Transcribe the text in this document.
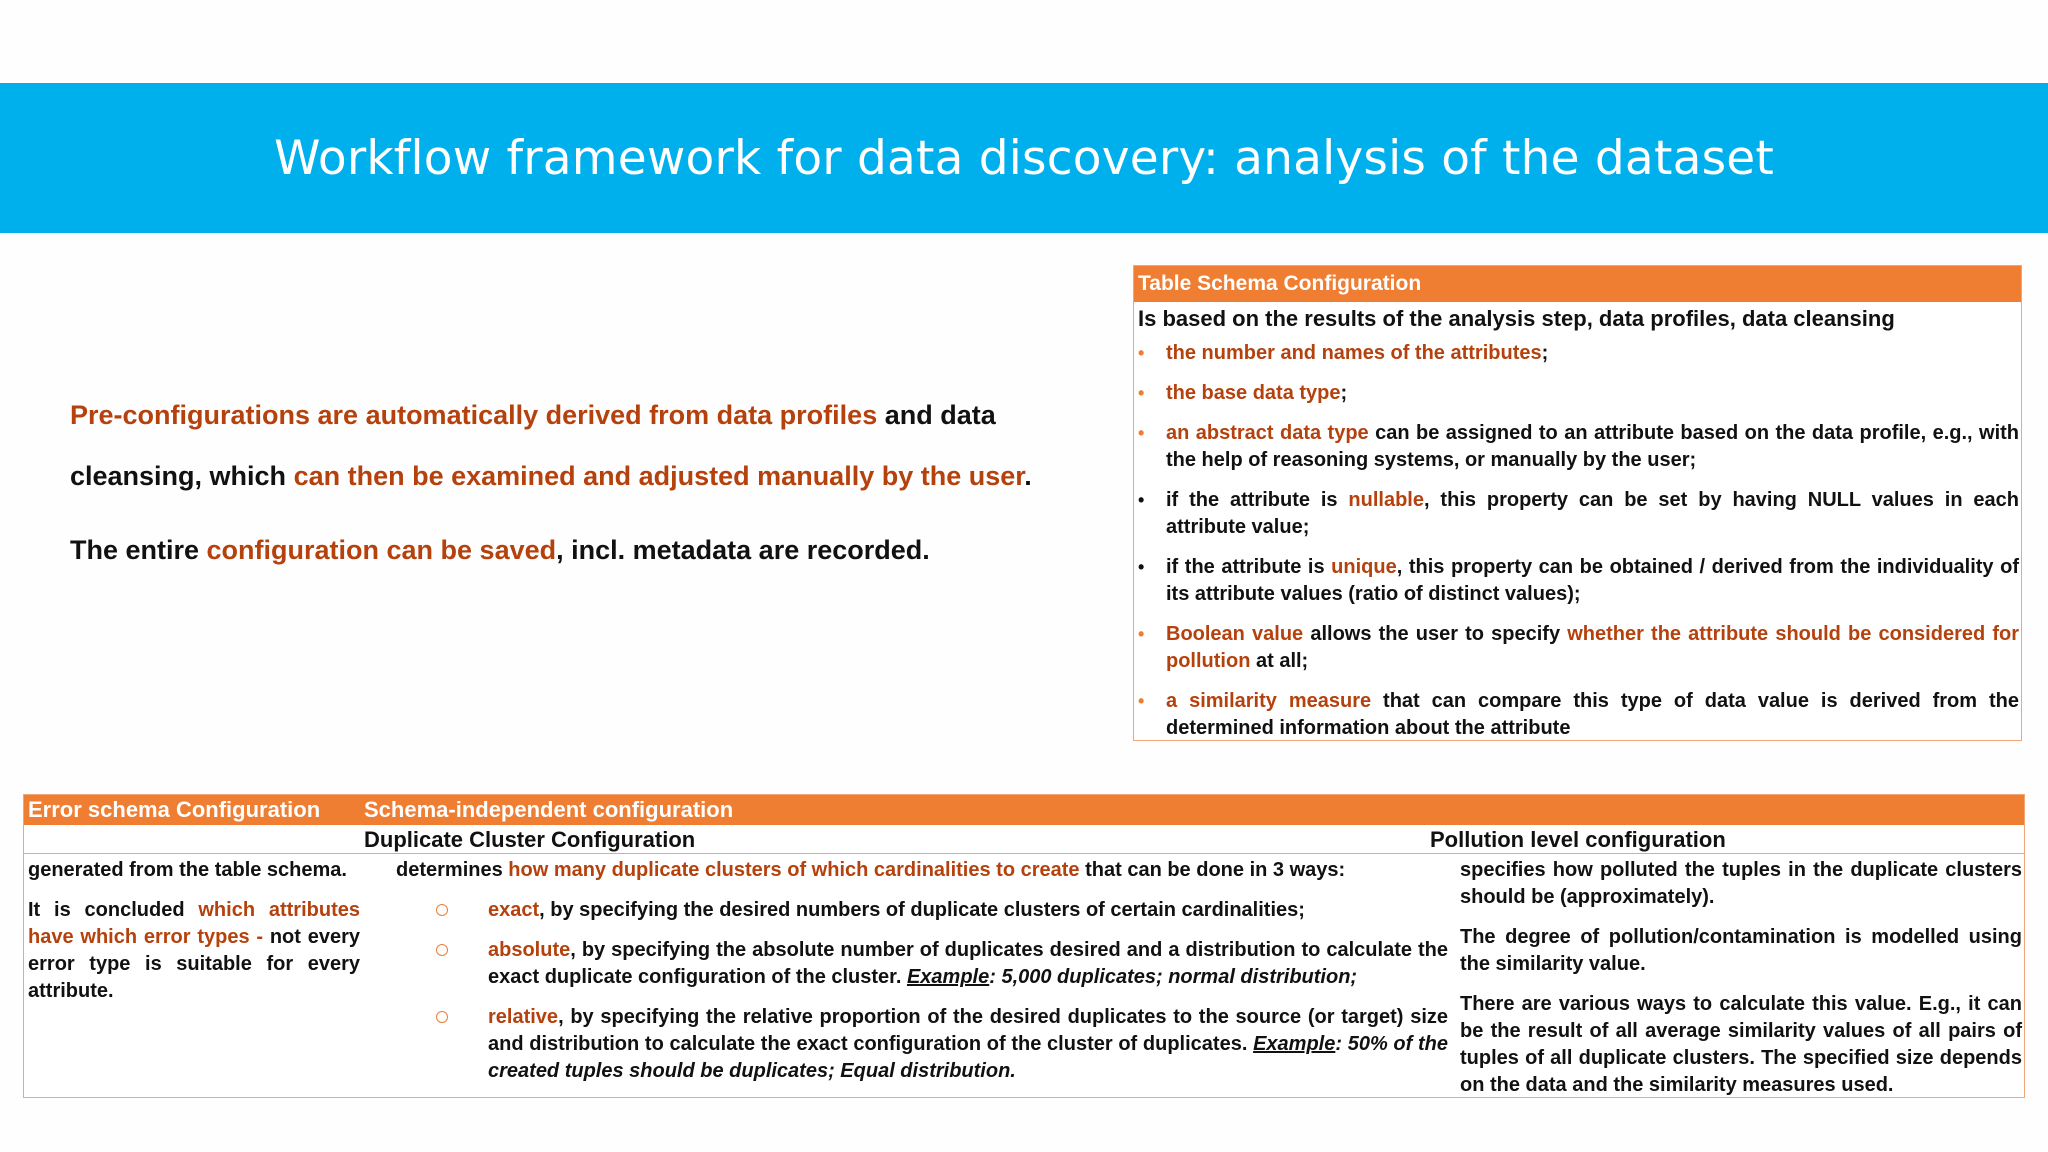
Workflow framework for data discovery: analysis of the dataset

Pre-configurations are automatically derived from data profiles and data

cleansing, which can then be examined and adjusted manually by the user.

The entire configuration can be saved, incl. metadata are recorded.

Table Schema Configuration
Is based on the results of the analysis step, data profiles, data cleansing
• the number and names of the attributes;
• the base data type;
• an abstract data type can be assigned to an attribute based on the data profile, e.g., with the help of reasoning systems, or manually by the user;
• if the attribute is nullable, this property can be set by having NULL values in each attribute value;
• if the attribute is unique, this property can be obtained / derived from the individuality of its attribute values (ratio of distinct values);
• Boolean value allows the user to specify whether the attribute should be considered for pollution at all;
• a similarity measure that can compare this type of data value is derived from the determined information about the attribute
Error schema Configuration Schema-independent configuration
Duplicate Cluster Configuration	Pollution level configuration

generated from the table schema.

It is concluded which attributes have which error types - not every error type is suitable for every attribute.

determines how many duplicate clusters of which cardinalities to create that can be done in 3 ways:

exact, by specifying the desired numbers of duplicate clusters of certain cardinalities;
absolute, by specifying the absolute number of duplicates desired and a distribution to calculate the exact duplicate configuration of the cluster. Example: 5,000 duplicates; normal distribution;
relative, by specifying the relative proportion of the desired duplicates to the source (or target) size and distribution to calculate the exact configuration of the cluster of duplicates. Example: 50% of the created tuples should be duplicates; Equal distribution.

specifies how polluted the tuples in the duplicate clusters should be (approximately).

The degree of pollution/contamination is modelled using the similarity value.

There are various ways to calculate this value. E.g., it can be the result of all average similarity values of all pairs of tuples of all duplicate clusters. The specified size depends on the data and the similarity measures used.
